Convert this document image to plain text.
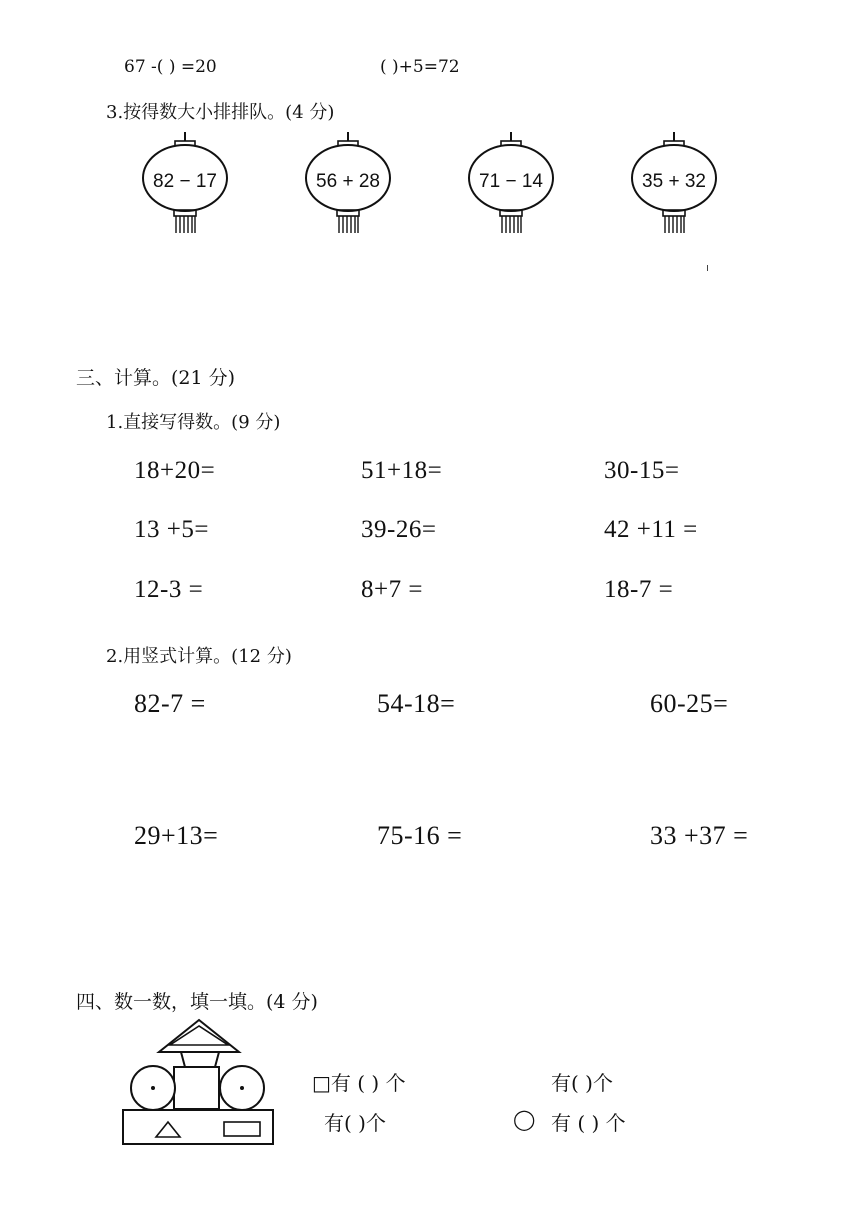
67 -( ) =20	( )+5=72
3.按得数大小排排队。(4 分)
82 − 17	56 + 28	71 − 14	35 + 32
三、计算。(21 分)
1.直接写得数。(9 分)
18+20=	51+18=	30-15=
13 +5=	39-26=	42 +11 =
12-3 =	8+7 =	18-7 =
2.用竖式计算。(12 分)
82-7 =	54-18=	60-25=
29+13=	75-16 =	33 +37 =
四、数一数，填一填。(4 分)
□有 ( ) 个	有( )个
有( )个	◯ 有 ( ) 个
